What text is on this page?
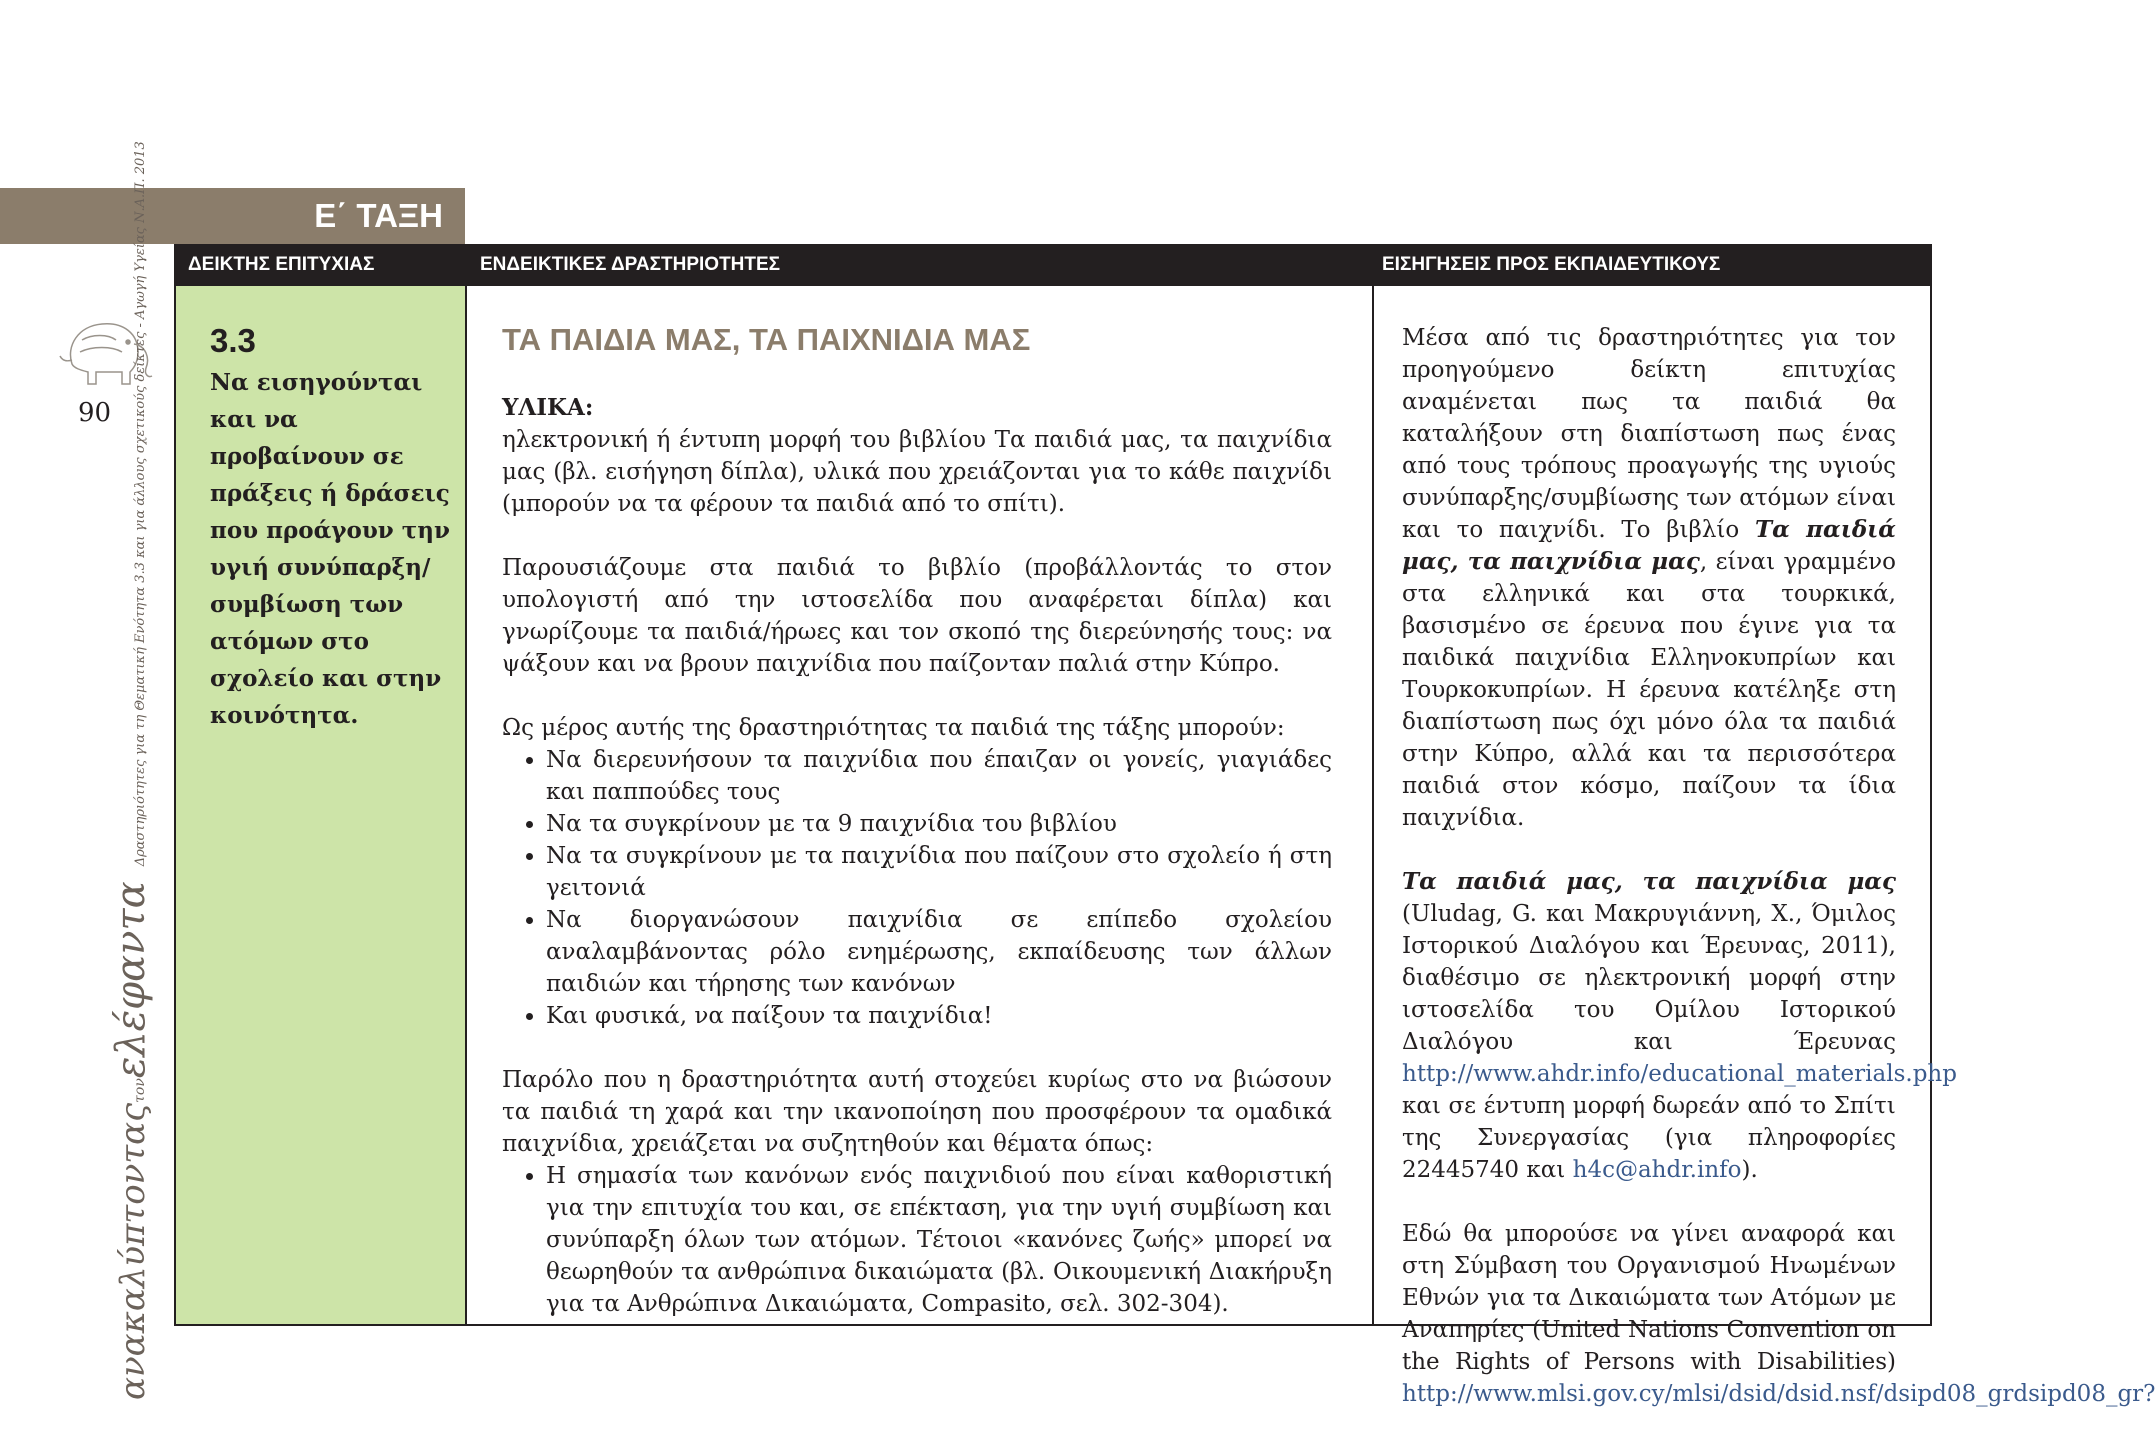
Ε΄ ΤΑΞΗ
ΔΕΙΚΤΗΣ ΕΠΙΤΥΧΙΑΣ	ΕΝΔΕΙΚΤΙΚΕΣ ΔΡΑΣΤΗΡΙΟΤΗΤΕΣ	ΕΙΣΗΓΗΣΕΙΣ ΠΡΟΣ ΕΚΠΑΙΔΕΥΤΙΚΟΥΣ
3.3
Να εισηγούνται και να προβαίνουν σε πράξεις ή δράσεις που προάγουν την υγιή συνύπαρξη/ συμβίωση των ατόμων στο σχολείο και στην κοινότητα.
ΤΑ ΠΑΙΔΙΑ ΜΑΣ, ΤΑ ΠΑΙΧΝΙΔΙΑ ΜΑΣ

ΥΛΙΚΑ:

ηλεκτρονική ή έντυπη μορφή του βιβλίου Τα παιδιά μας, τα παιχνίδια μας (βλ. εισήγηση δίπλα), υλικά που χρειάζονται για το κάθε παιχνίδι (μπορούν να τα φέρουν τα παιδιά από το σπίτι).

Παρουσιάζουμε στα παιδιά το βιβλίο (προβάλλοντάς το στον υπολογιστή από την ιστοσελίδα που αναφέρεται δίπλα) και γνωρίζουμε τα παιδιά/ήρωες και τον σκοπό της διερεύνησής τους: να ψάξουν και να βρουν παιχνίδια που παίζονταν παλιά στην Κύπρο.

Ως μέρος αυτής της δραστηριότητας τα παιδιά της τάξης μπορούν:

• Να διερευνήσουν τα παιχνίδια που έπαιζαν οι γονείς, γιαγιάδες και παππούδες τους
• Να τα συγκρίνουν με τα 9 παιχνίδια του βιβλίου
• Να τα συγκρίνουν με τα παιχνίδια που παίζουν στο σχολείο ή στη γειτονιά
• Να διοργανώσουν παιχνίδια σε επίπεδο σχολείου αναλαμβάνοντας ρόλο ενημέρωσης, εκπαίδευσης των άλλων παιδιών και τήρησης των κανόνων
• Και φυσικά, να παίξουν τα παιχνίδια!

Παρόλο που η δραστηριότητα αυτή στοχεύει κυρίως στο να βιώσουν τα παιδιά τη χαρά και την ικανοποίηση που προσφέρουν τα ομαδικά παιχνίδια, χρειάζεται να συζητηθούν και θέματα όπως:

• Η σημασία των κανόνων ενός παιχνιδιού που είναι καθοριστική για την επιτυχία του και, σε επέκταση, για την υγιή συμβίωση και συνύπαρξη όλων των ατόμων. Τέτοιοι «κανόνες ζωής» μπορεί να θεωρηθούν τα ανθρώπινα δικαιώματα (βλ. Οικουμενική Διακήρυξη για τα Ανθρώπινα Δικαιώματα, Compasito, σελ. 302-304).

Μέσα από τις δραστηριότητες για τον προηγούμενο δείκτη επιτυχίας αναμένεται πως τα παιδιά θα καταλήξουν στη διαπίστωση πως ένας από τους τρόπους προαγωγής της υγιούς συνύπαρξης/συμβίωσης των ατόμων είναι και το παιχνίδι. Το βιβλίο Τα παιδιά μας, τα παιχνίδια μας, είναι γραμμένο στα ελληνικά και στα τουρκικά, βασισμένο σε έρευνα που έγινε για τα παιδικά παιχνίδια Ελληνοκυπρίων και Τουρκοκυπρίων. Η έρευνα κατέληξε στη διαπίστωση πως όχι μόνο όλα τα παιδιά στην Κύπρο, αλλά και τα περισσότερα παιδιά στον κόσμο, παίζουν τα ίδια παιχνίδια.

Τα παιδιά μας, τα παιχνίδια μας (Uludag, G. και Μακρυγιάννη, Χ., Όμιλος Ιστορικού Διαλόγου και Έρευνας, 2011), διαθέσιμο σε ηλεκτρονική μορφή στην ιστοσελίδα του Ομίλου Ιστορικού Διαλόγου και Έρευνας http://www.ahdr.info/educational_materials.php και σε έντυπη μορφή δωρεάν από το Σπίτι της Συνεργασίας (για πληροφορίες 22445740 και h4c@ahdr.info).

Εδώ θα μπορούσε να γίνει αναφορά και στη Σύμβαση του Οργανισμού Ηνωμένων Εθνών για τα Δικαιώματα των Ατόμων με Αναπηρίες (United Nations Convention on the Rights of Persons with Disabilities) http://www.mlsi.gov.cy/mlsi/dsid/dsid.nsf/dsipd08_grdsipd08_gr?

90
ανακαλύπτονταςτονελέφαντα Δραστηριότητες για τη Θεματική Ενότητα 3.3 και για άλλους σχετικούς δείκτες - Αγωγή Υγείας Ν.Α.Π. 2013
